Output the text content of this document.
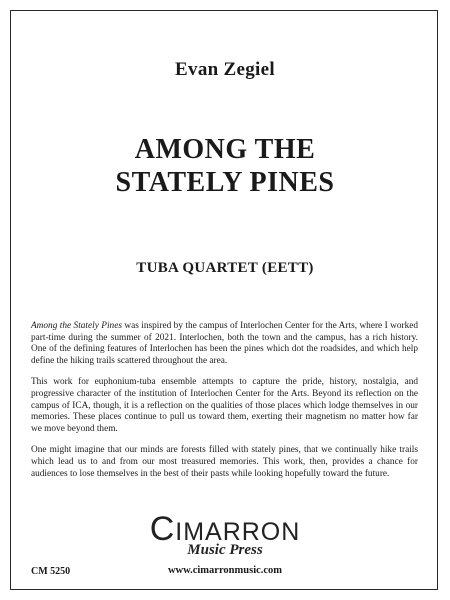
Evan Zegiel
AMONG THE
STATELY PINES
TUBA QUARTET (EETT)

Among the Stately Pines was inspired by the campus of Interlochen Center for the Arts, where I worked part-time during the summer of 2021. Interlochen, both the town and the campus, has a rich history. One of the defining features of Interlochen has been the pines which dot the roadsides, and which help define the hiking trails scattered throughout the area.

This work for euphonium-tuba ensemble attempts to capture the pride, history, nostalgia, and progressive character of the institution of Interlochen Center for the Arts. Beyond its reflection on the campus of ICA, though, it is a reflection on the qualities of those places which lodge themselves in our memories. These places continue to pull us toward them, exerting their magnetism no matter how far we move beyond them.

One might imagine that our minds are forests filled with stately pines, that we continually hike trails which lead us to and from our most treasured memories. This work, then, provides a chance for audiences to lose themselves in the best of their pasts while looking hopefully toward the future.

CIMARRON
Music Press
CM 5250	www.cimarronmusic.com
